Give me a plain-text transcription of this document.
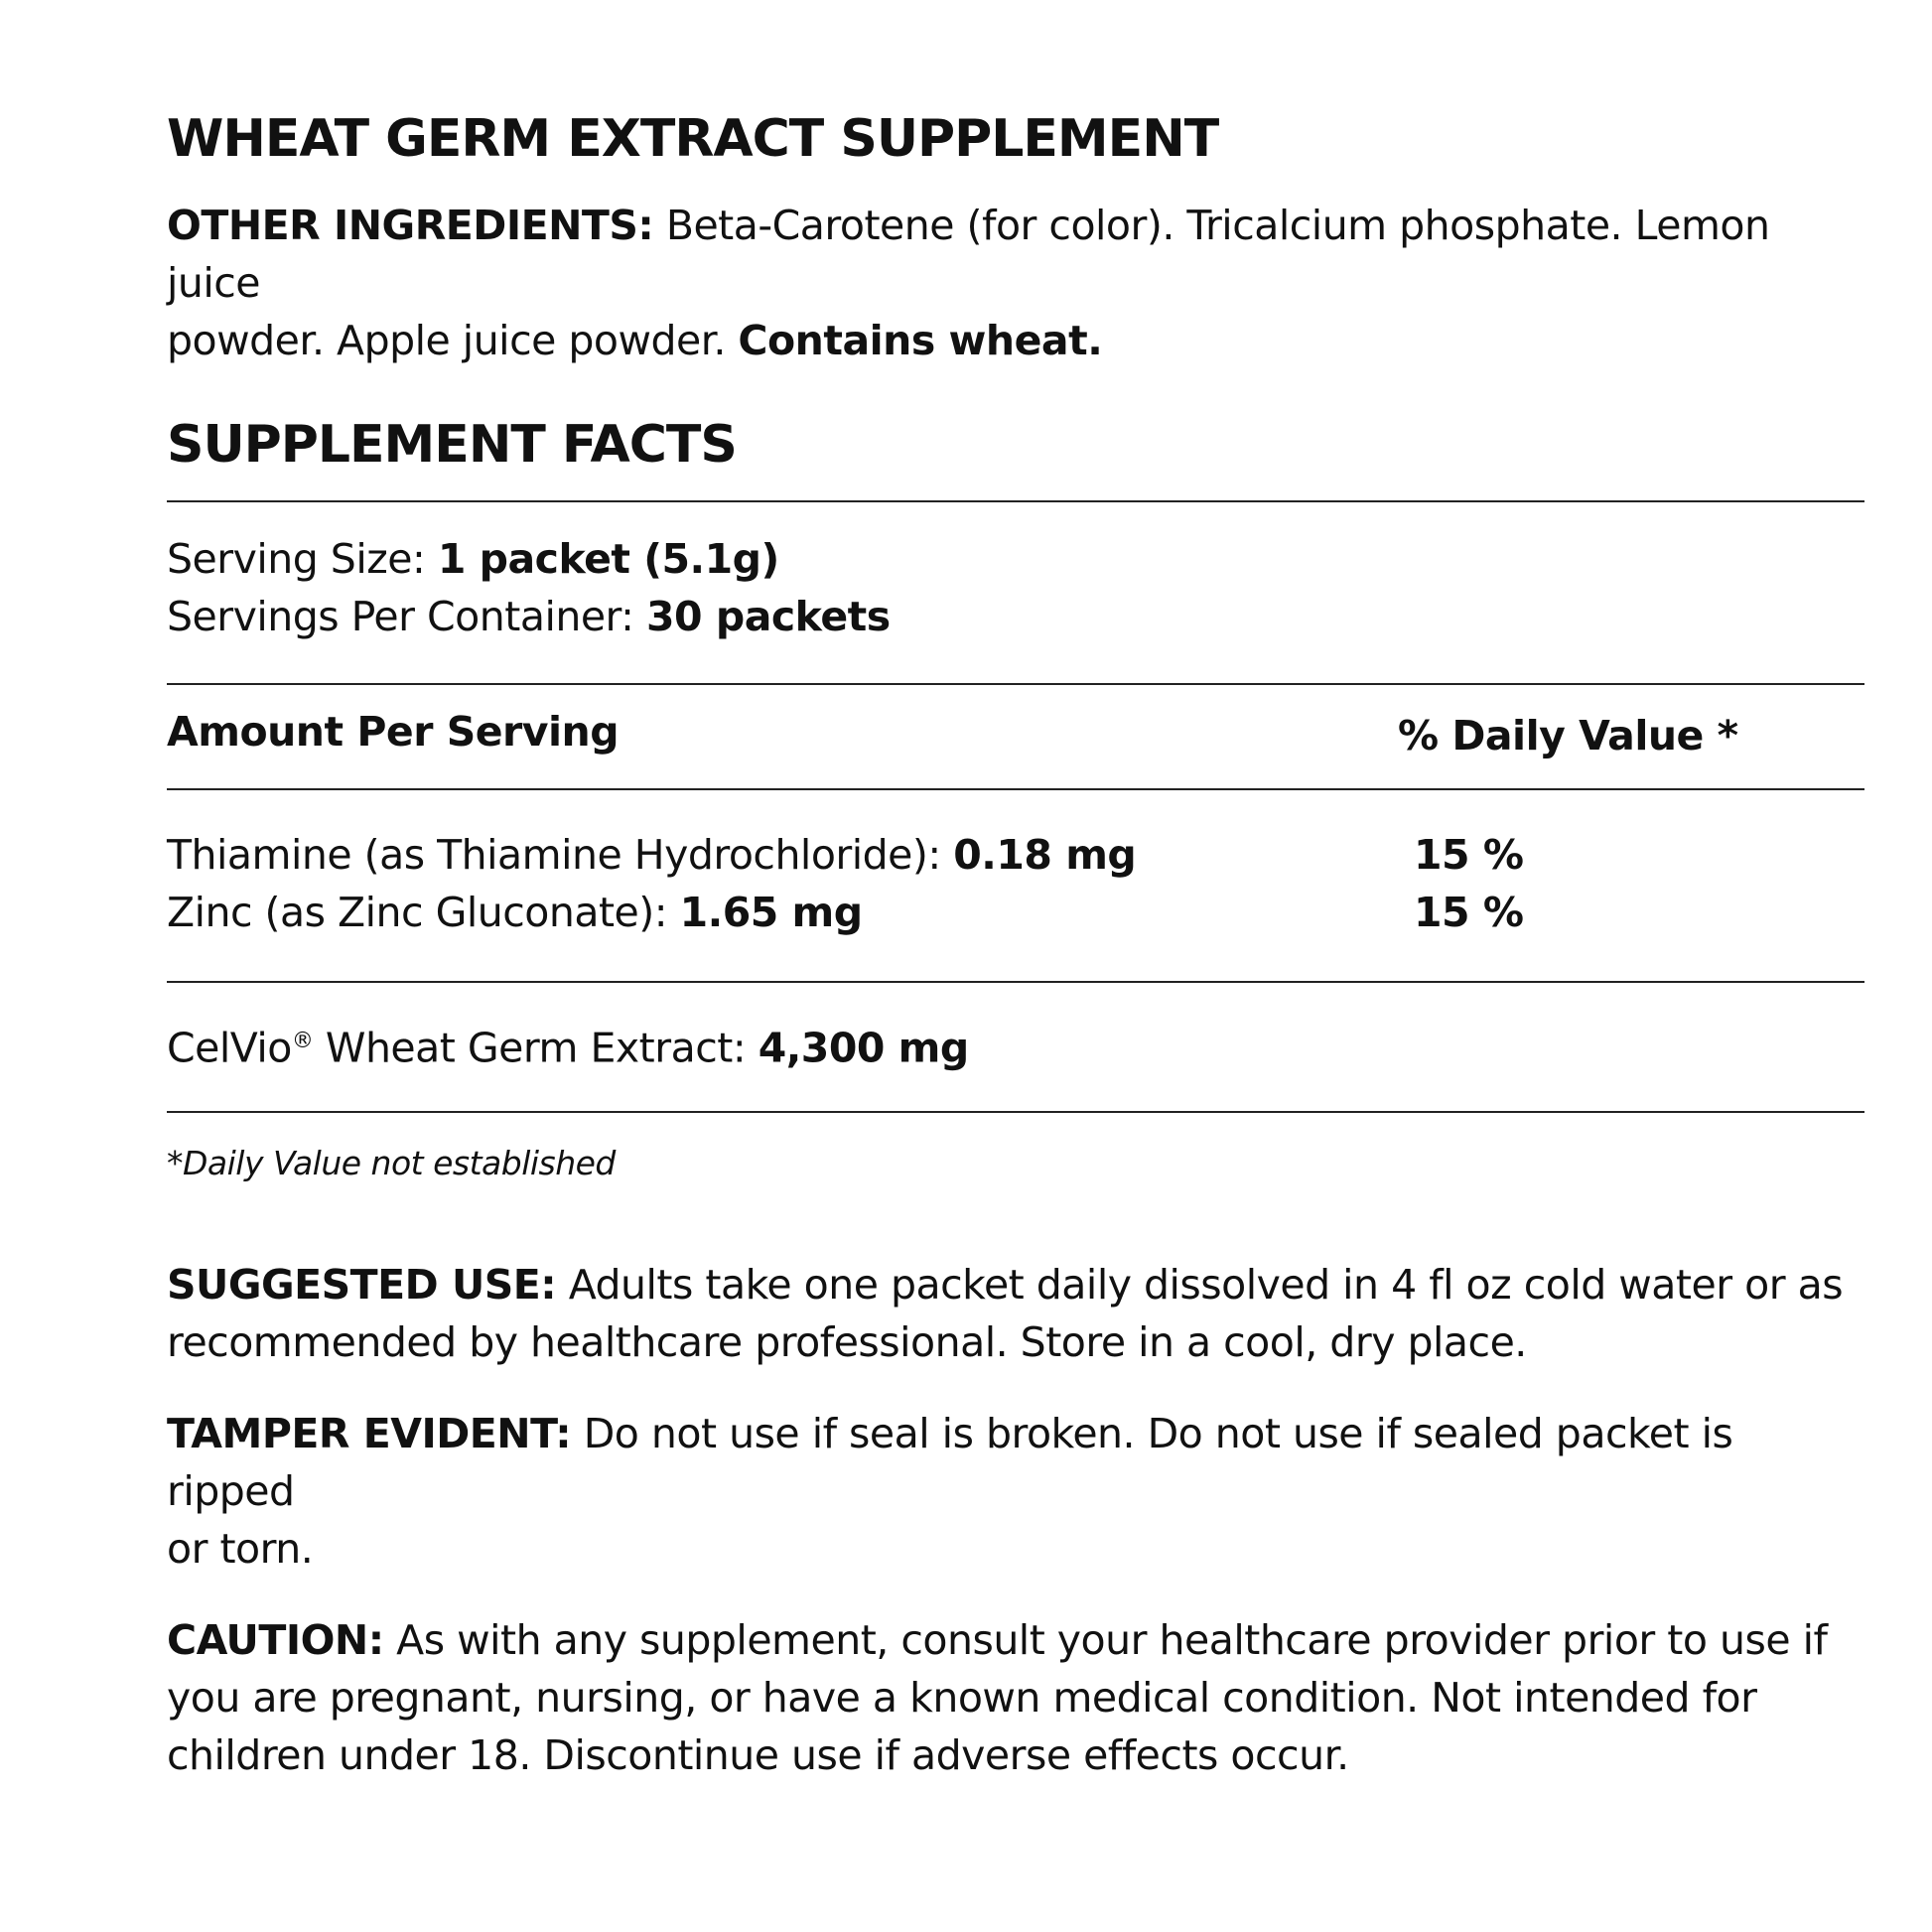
WHEAT GERM EXTRACT SUPPLEMENT

OTHER INGREDIENTS: Beta-Carotene (for color). Tricalcium phosphate. Lemon juice

powder. Apple juice powder. Contains wheat.

SUPPLEMENT FACTS

Serving Size: 1 packet (5.1g)

Servings Per Container: 30 packets

Amount Per Serving	% Daily Value *

Thiamine (as Thiamine Hydrochloride): 0.18 mg	15 %

Zinc (as Zinc Gluconate): 1.65 mg	15 %

CelVio® Wheat Germ Extract: 4,300 mg

*Daily Value not established

SUGGESTED USE: Adults take one packet daily dissolved in 4 fl oz cold water or as

recommended by healthcare professional. Store in a cool, dry place.

TAMPER EVIDENT: Do not use if seal is broken. Do not use if sealed packet is ripped

or torn.

CAUTION: As with any supplement, consult your healthcare provider prior to use if

you are pregnant, nursing, or have a known medical condition. Not intended for

children under 18. Discontinue use if adverse effects occur.
